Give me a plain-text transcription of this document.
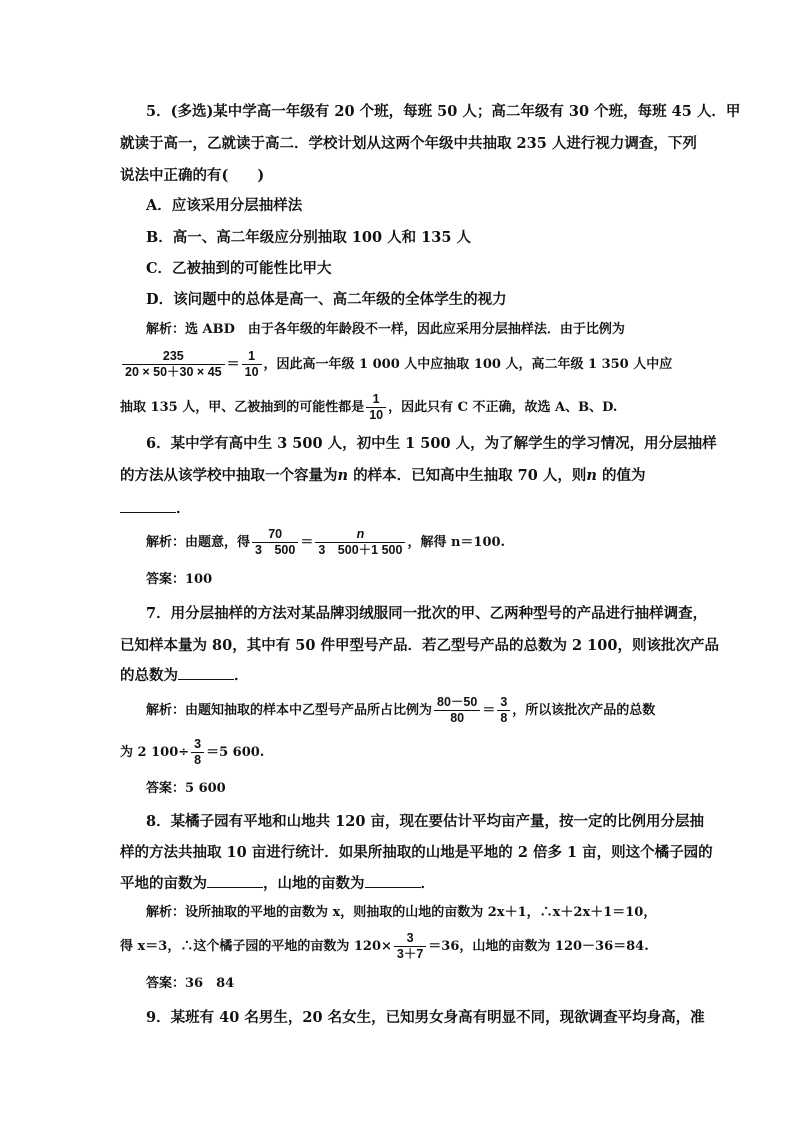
5．(多选)某中学高一年级有 20 个班，每班 50 人；高二年级有 30 个班，每班 45 人．甲
就读于高一，乙就读于高二．学校计划从这两个年级中共抽取 235 人进行视力调查，下列
说法中正确的有(　　)
A．应该采用分层抽样法
B．高一、高二年级应分别抽取 100 人和 135 人
C．乙被抽到的可能性比甲大
D．该问题中的总体是高一、高二年级的全体学生的视力
解析：选 ABD　由于各年级的年龄段不一样，因此应采用分层抽样法．由于比例为
$\frac{235}{20 \times 50+30 \times 45} = \frac{1}{10}$ ，因此高一年级 1 000 人中应抽取 100 人，高二年级 1 350 人中应
抽取 135 人，甲、乙被抽到的可能性都是 $\frac{1}{10}$ ，因此只有 C 不正确，故选 A、B、D.
6．某中学有高中生 3 500 人，初中生 1 500 人，为了解学生的学习情况，用分层抽样
的方法从该学校中抽取一个容量为n 的样本．已知高中生抽取 70 人，则n 的值为
．
解析：由题意，得 $\frac{70}{3 500} = \frac{n}{3 500+1 500}$ ，解得 n＝100.
答案：100
7．用分层抽样的方法对某品牌羽绒服同一批次的甲、乙两种型号的产品进行抽样调查，
已知样本量为 80，其中有 50 件甲型号产品．若乙型号产品的总数为 2 100，则该批次产品
的总数为	．
解析：由题知抽取的样本中乙型号产品所占比例为 $\frac{80-50}{80} = \frac{3}{8}$ ，所以该批次产品的总数
为 2 $100\div \frac{3}{8} =5$ 600.
答案：5 600
8．某橘子园有平地和山地共 120 亩，现在要估计平均亩产量，按一定的比例用分层抽
样的方法共抽取 10 亩进行统计．如果所抽取的山地是平地的 2 倍多 1 亩，则这个橘子园的
平地的亩数为	，山地的亩数为	．
解析：设所抽取的平地的亩数为 x，则抽取的山地的亩数为 2x＋1，∴x＋2x＋1＝10，
得 x＝3，∴这个橘子园的平地的亩数为 $120\times \frac{3}{3+7} =36$，山地的亩数为 120－36＝84.
答案：36　84
9．某班有 40 名男生，20 名女生，已知男女身高有明显不同，现欲调查平均身高，准
